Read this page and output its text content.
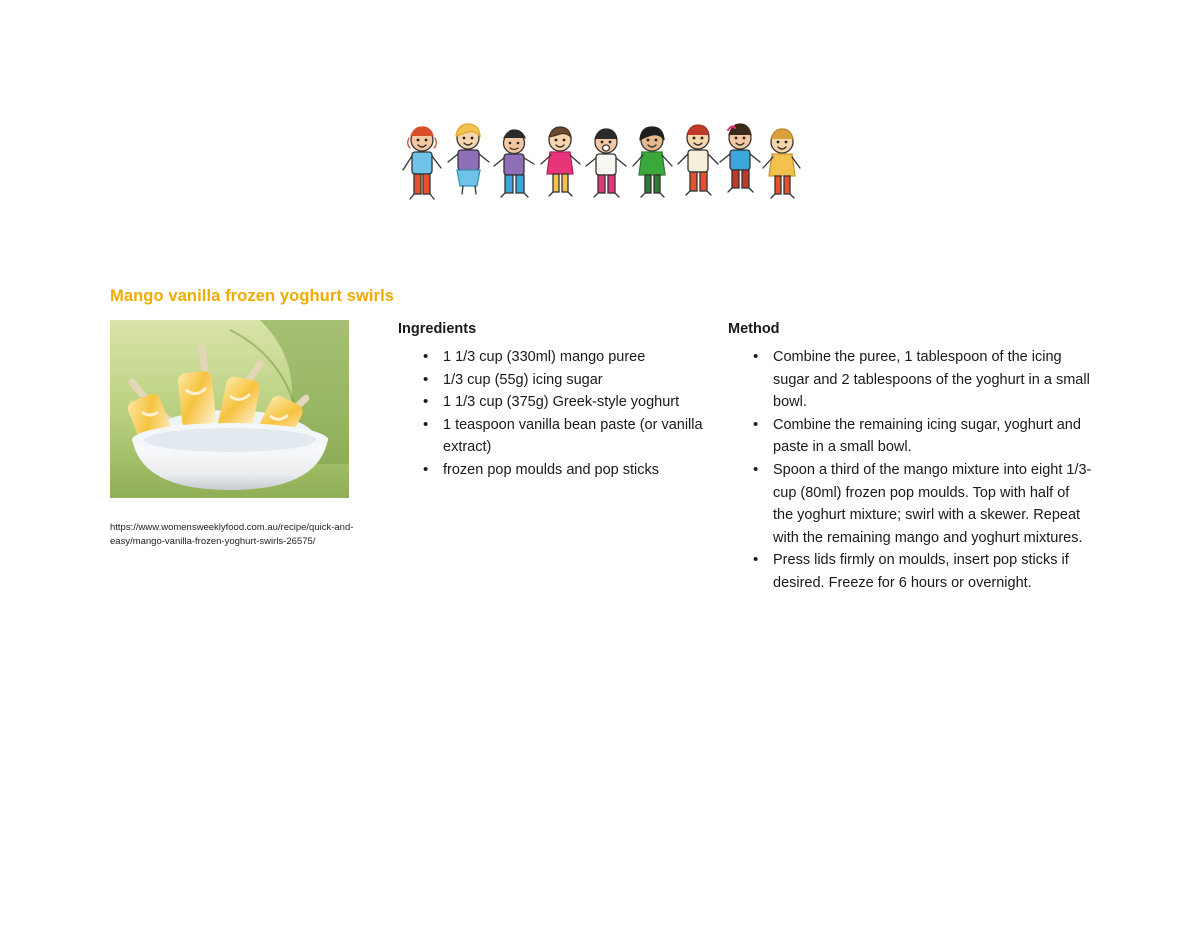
Mango vanilla frozen yoghurt swirls
https://www.womensweeklyfood.com.au/recipe/quick-and-easy/mango-vanilla-frozen-yoghurt-swirls-26575/
Ingredients
• 1 1/3 cup (330ml) mango puree
• 1/3 cup (55g) icing sugar
• 1 1/3 cup (375g) Greek-style yoghurt
• 1 teaspoon vanilla bean paste (or vanilla extract)
• frozen pop moulds and pop sticks
Method
• Combine the puree, 1 tablespoon of the icing sugar and 2 tablespoons of the yoghurt in a small bowl.
• Combine the remaining icing sugar, yoghurt and paste in a small bowl.
• Spoon a third of the mango mixture into eight 1/3-cup (80ml) frozen pop moulds. Top with half of the yoghurt mixture; swirl with a skewer. Repeat with the remaining mango and yoghurt mixtures.
• Press lids firmly on moulds, insert pop sticks if desired. Freeze for 6 hours or overnight.
